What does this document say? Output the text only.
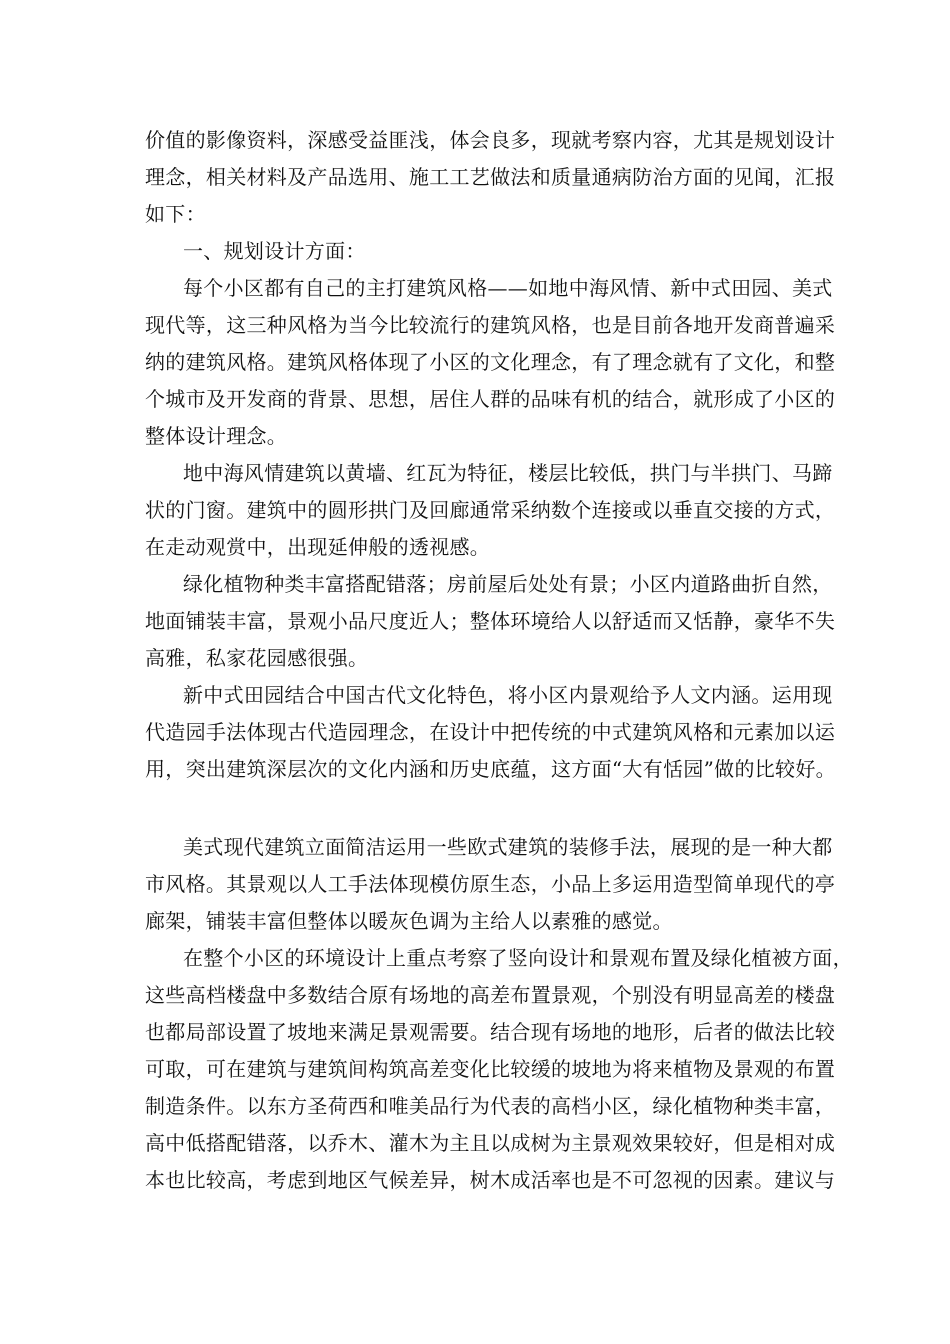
价值的影像资料，深感受益匪浅，体会良多，现就考察内容，尤其是规划设计
理念，相关材料及产品选用、施工工艺做法和质量通病防治方面的见闻，汇报
如下：
一、规划设计方面：
每个小区都有自己的主打建筑风格——如地中海风情、新中式田园、美式
现代等，这三种风格为当今比较流行的建筑风格，也是目前各地开发商普遍采
纳的建筑风格。建筑风格体现了小区的文化理念，有了理念就有了文化，和整
个城市及开发商的背景、思想，居住人群的品味有机的结合，就形成了小区的
整体设计理念。
地中海风情建筑以黄墙、红瓦为特征，楼层比较低，拱门与半拱门、马蹄
状的门窗。建筑中的圆形拱门及回廊通常采纳数个连接或以垂直交接的方式，
在走动观赏中，出现延伸般的透视感。
绿化植物种类丰富搭配错落；房前屋后处处有景；小区内道路曲折自然，
地面铺装丰富，景观小品尺度近人；整体环境给人以舒适而又恬静，豪华不失
高雅，私家花园感很强。
新中式田园结合中国古代文化特色，将小区内景观给予人文内涵。运用现
代造园手法体现古代造园理念，在设计中把传统的中式建筑风格和元素加以运
用，突出建筑深层次的文化内涵和历史底蕴，这方面“大有恬园”做的比较好。
美式现代建筑立面简洁运用一些欧式建筑的装修手法，展现的是一种大都
市风格。其景观以人工手法体现模仿原生态，小品上多运用造型简单现代的亭
廊架，铺装丰富但整体以暖灰色调为主给人以素雅的感觉。
在整个小区的环境设计上重点考察了竖向设计和景观布置及绿化植被方面，
这些高档楼盘中多数结合原有场地的高差布置景观，个别没有明显高差的楼盘
也都局部设置了坡地来满足景观需要。结合现有场地的地形，后者的做法比较
可取，可在建筑与建筑间构筑高差变化比较缓的坡地为将来植物及景观的布置
制造条件。以东方圣荷西和唯美品行为代表的高档小区，绿化植物种类丰富，
高中低搭配错落，以乔木、灌木为主且以成树为主景观效果较好，但是相对成
本也比较高，考虑到地区气候差异，树木成活率也是不可忽视的因素。建议与
